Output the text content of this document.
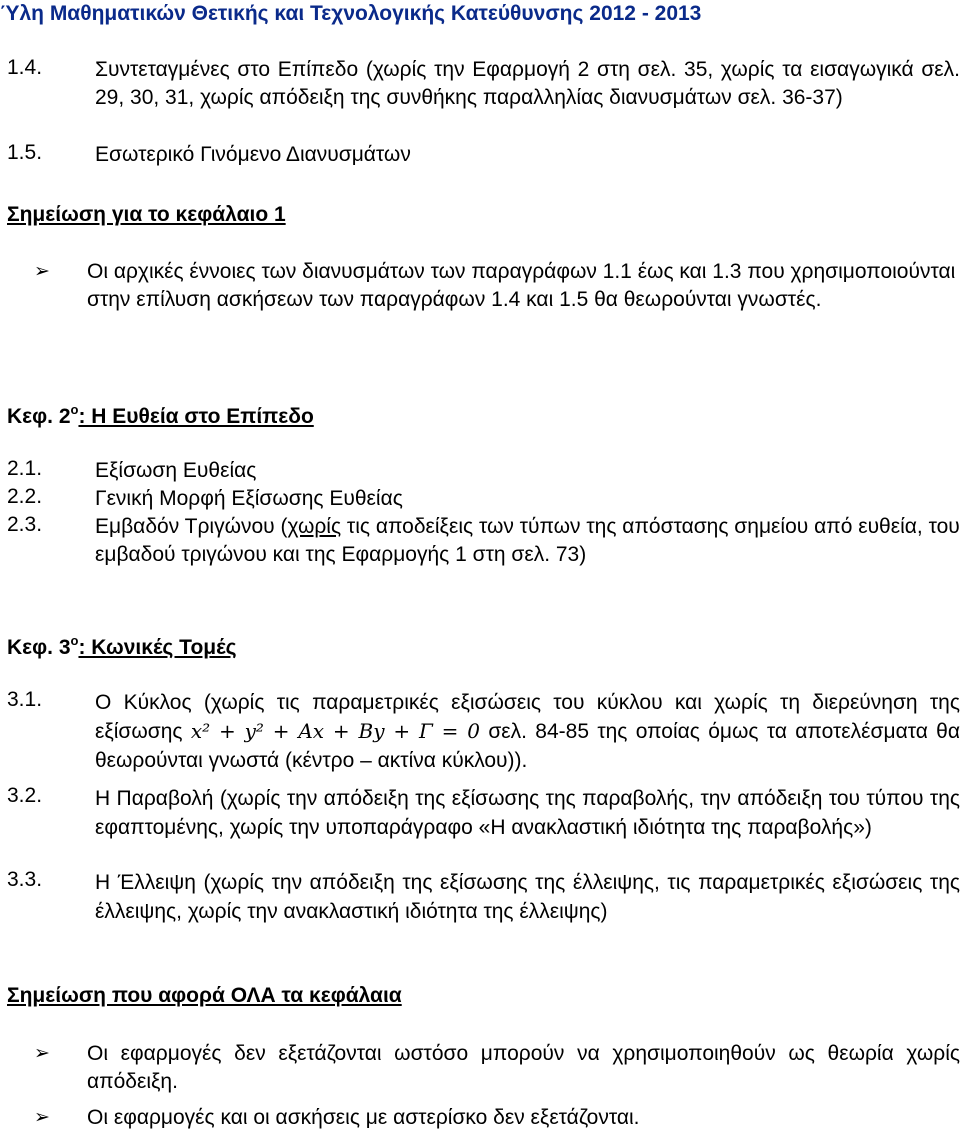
Ύλη Μαθηματικών Θετικής και Τεχνολογικής Κατεύθυνσης 2012 - 2013
1.4.	Συντεταγμένες στο Επίπεδο (χωρίς την Εφαρμογή 2 στη σελ. 35, χωρίς τα εισαγωγικά σελ. 29, 30, 31, χωρίς απόδειξη της συνθήκης παραλληλίας διανυσμάτων σελ. 36-37)
1.5.	Εσωτερικό Γινόμενο Διανυσμάτων
Σημείωση για το κεφάλαιο 1
➢	Οι αρχικές έννοιες των διανυσμάτων των παραγράφων 1.1 έως και 1.3 που χρησιμοποιούνται στην επίλυση ασκήσεων των παραγράφων 1.4 και 1.5 θα θεωρούνται γνωστές.
Κεφ. $2^o$: Η Ευθεία στο Επίπεδο
2.1.	Εξίσωση Ευθείας
2.2.	Γενική Μορφή Εξίσωσης Ευθείας
2.3.	Εμβαδόν Τριγώνου (χωρίς τις αποδείξεις των τύπων της απόστασης σημείου από ευθεία, του εμβαδού τριγώνου και της Εφαρμογής 1 στη σελ. 73)
Κεφ. $3^o$: Κωνικές Τομές
3.1.	Ο Κύκλος (χωρίς τις παραμετρικές εξισώσεις του κύκλου και χωρίς τη διερεύνηση της εξίσωσης x² + y² + Ax + By + Γ = 0 σελ. 84-85 της οποίας όμως τα αποτελέσματα θα θεωρούνται γνωστά (κέντρο – ακτίνα κύκλου)).
3.2.	Η Παραβολή (χωρίς την απόδειξη της εξίσωσης της παραβολής, την απόδειξη του τύπου της εφαπτομένης, χωρίς την υποπαράγραφο «Η ανακλαστική ιδιότητα της παραβολής»)
3.3.	Η Έλλειψη (χωρίς την απόδειξη της εξίσωσης της έλλειψης, τις παραμετρικές εξισώσεις της έλλειψης, χωρίς την ανακλαστική ιδιότητα της έλλειψης)
Σημείωση που αφορά ΟΛΑ τα κεφάλαια
➢	Οι εφαρμογές δεν εξετάζονται ωστόσο μπορούν να χρησιμοποιηθούν ως θεωρία χωρίς απόδειξη.
➢	Οι εφαρμογές και οι ασκήσεις με αστερίσκο δεν εξετάζονται.
